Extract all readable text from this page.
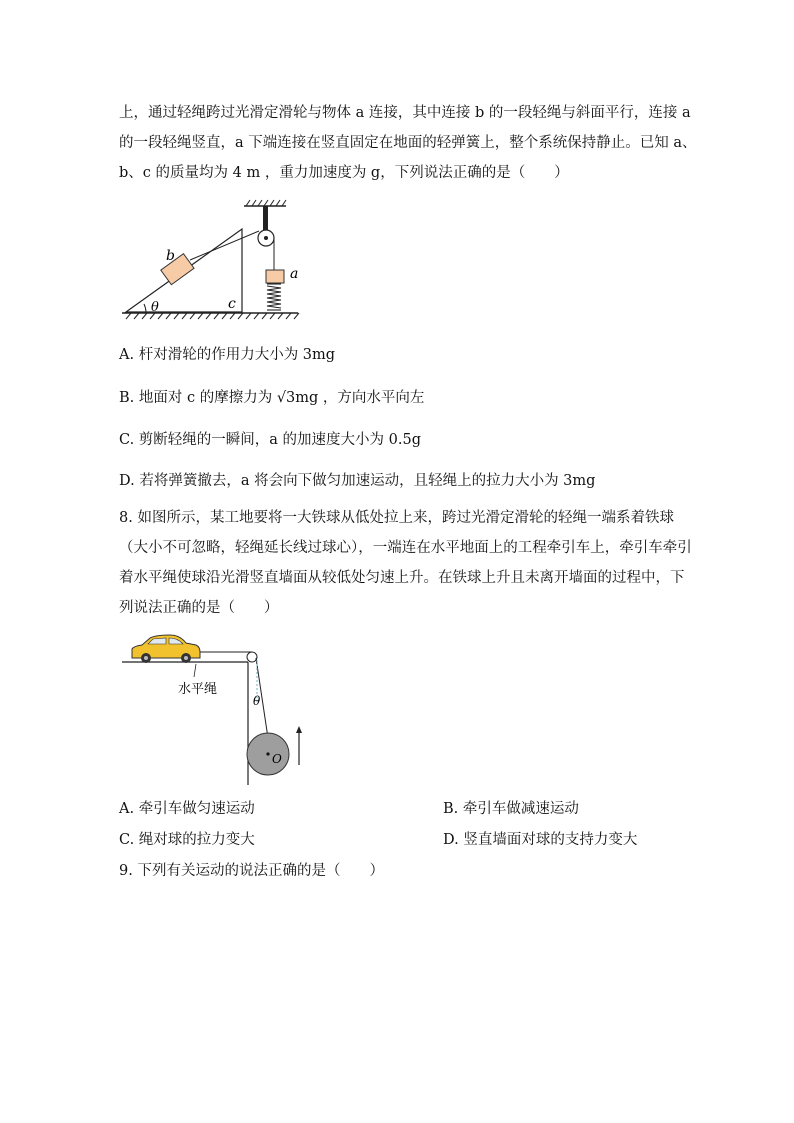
上，通过轻绳跨过光滑定滑轮与物体 a 连接，其中连接 b 的一段轻绳与斜面平行，连接 a
的一段轻绳竖直，a 下端连接在竖直固定在地面的轻弹簧上，整个系统保持静止。已知 a、
b、c 的质量均为 4 m ，重力加速度为 g，下列说法正确的是（　　）
b
a
c
θ
A. 杆对滑轮的作用力大小为 3mg
B. 地面对 c 的摩擦力为 √3mg ，方向水平向左
C. 剪断轻绳的一瞬间，a 的加速度大小为 0.5g
D. 若将弹簧撤去，a 将会向下做匀加速运动，且轻绳上的拉力大小为 3mg
8. 如图所示，某工地要将一大铁球从低处拉上来，跨过光滑定滑轮的轻绳一端系着铁球
（大小不可忽略，轻绳延长线过球心），一端连在水平地面上的工程牵引车上，牵引车牵引
着水平绳使球沿光滑竖直墙面从较低处匀速上升。在铁球上升且未离开墙面的过程中，下
列说法正确的是（　　）
水平绳
θ
O
A. 牵引车做匀速运动	B. 牵引车做减速运动
C. 绳对球的拉力变大	D. 竖直墙面对球的支持力变大
9. 下列有关运动的说法正确的是（　　）
